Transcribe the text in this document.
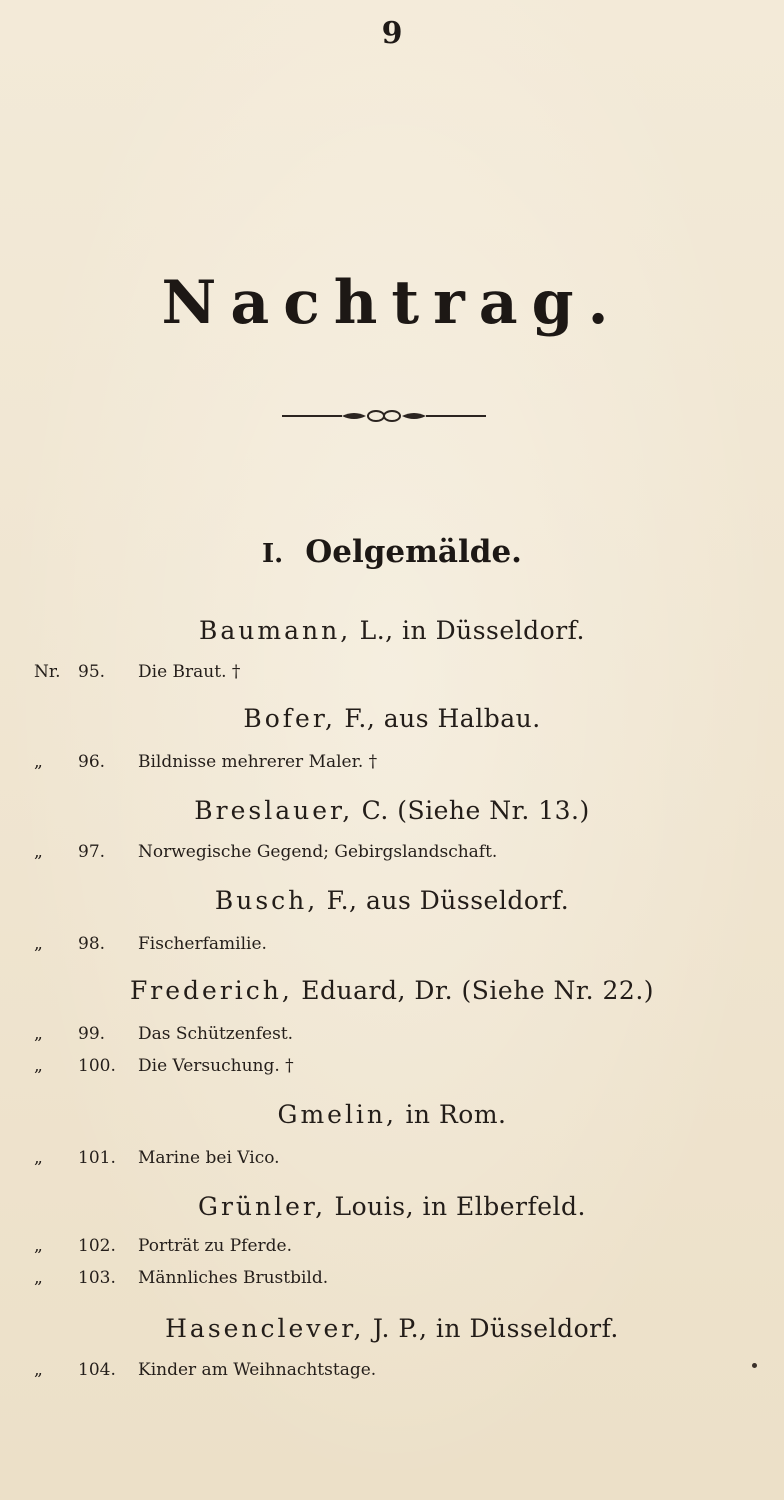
9
Nachtrag.
I. Oelgemälde.
Baumann, L., in Düsseldorf.
Nr.	95.	Die Braut. †
Bofer, F., aus Halbau.
„	96.	Bildnisse mehrerer Maler. †
Breslauer, C. (Siehe Nr. 13.)
„	97.	Norwegische Gegend; Gebirgslandschaft.
Busch, F., aus Düsseldorf.
„	98.	Fischerfamilie.
Frederich, Eduard, Dr. (Siehe Nr. 22.)
„	99.	Das Schützenfest.
„	100.	Die Versuchung. †
Gmelin, in Rom.
„	101.	Marine bei Vico.
Grünler, Louis, in Elberfeld.
„	102.	Porträt zu Pferde.
„	103.	Männliches Brustbild.
Hasenclever, J. P., in Düsseldorf.
„	104.	Kinder am Weihnachtstage.
